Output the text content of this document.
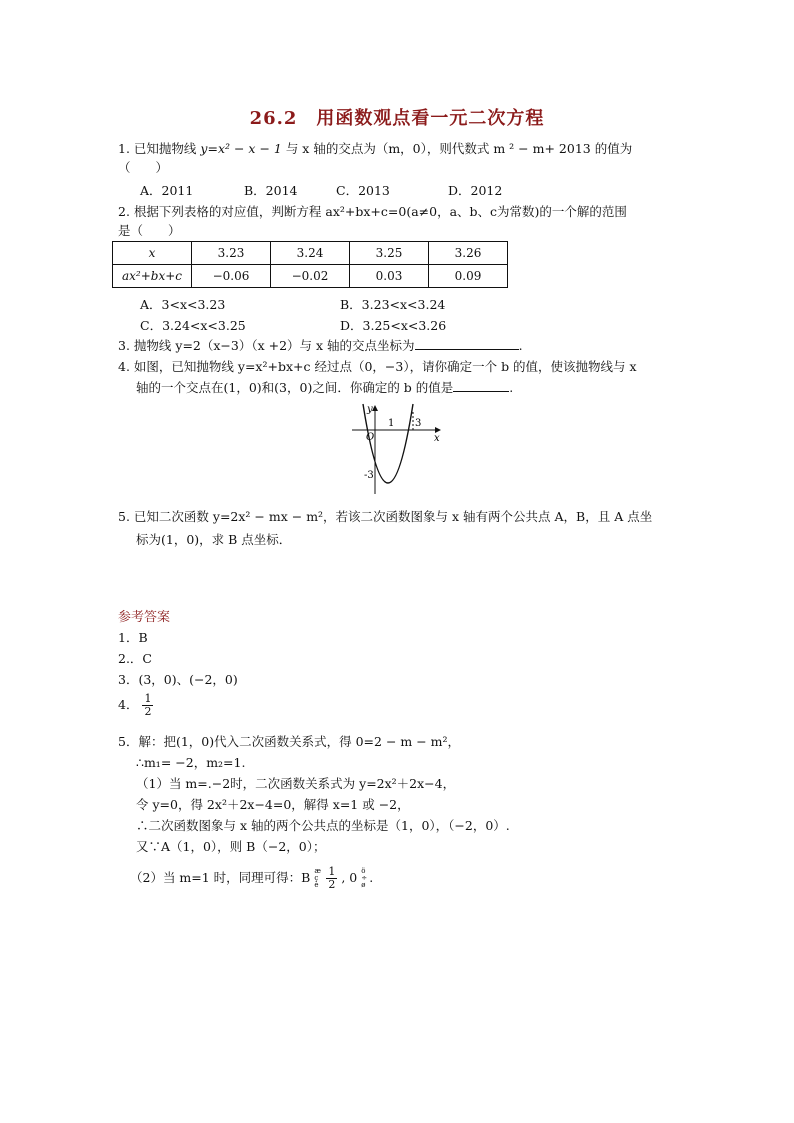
26.2　用函数观点看一元二次方程
1. 已知抛物线 y=x² − x − 1 与 x 轴的交点为（m，0），则代数式 m ² − m+ 2013 的值为
（　　）
A．2011	B．2014	C．2013	D．2012
2. 根据下列表格的对应值，判断方程 ax²+bx+c=0(a≠0，a、b、c为常数)的一个解的范围
是（　　）
x	3.23	3.24	3.25	3.26
ax²+bx+c	−0.06	−0.02	0.03	0.09
A．3<x<3.23	B．3.23<x<3.24
C．3.24<x<3.25	D．3.25<x<3.26
3. 抛物线 y=2（x−3）（x +2）与 x 轴的交点坐标为	.
4. 如图，已知抛物线 y=x²+bx+c 经过点（0，−3），请你确定一个 b 的值，使该抛物线与 x
轴的一个交点在(1，0)和(3，0)之间．你确定的 b 的值是	.
y
x
O
1 3
-3
5. 已知二次函数 y=2x² − mx − m²，若该二次函数图象与 x 轴有两个公共点 A，B，且 A 点坐
标为(1，0)，求 B 点坐标．
参考答案
1．B
2.．C
3．(3，0)、(−2，0)
4． $\frac{1}{2}$
5．解：把(1，0)代入二次函数关系式，得 0=2 − m − m²，
∴m₁= −2，m₂=1.
（1）当 m=.−2时，二次函数关系式为 y=2x²＋2x−4，
令 y=0，得 2x²＋2x−4=0，解得 x=1 或 −2，
∴二次函数图象与 x 轴的两个公共点的坐标是（1，0），（−2，0）.
又∵A（1，0），则 B（−2，0）；
（2）当 m=1 时，同理可得：B æ ç è $\frac{1}{2}$ , 0 ö ÷ ø .
